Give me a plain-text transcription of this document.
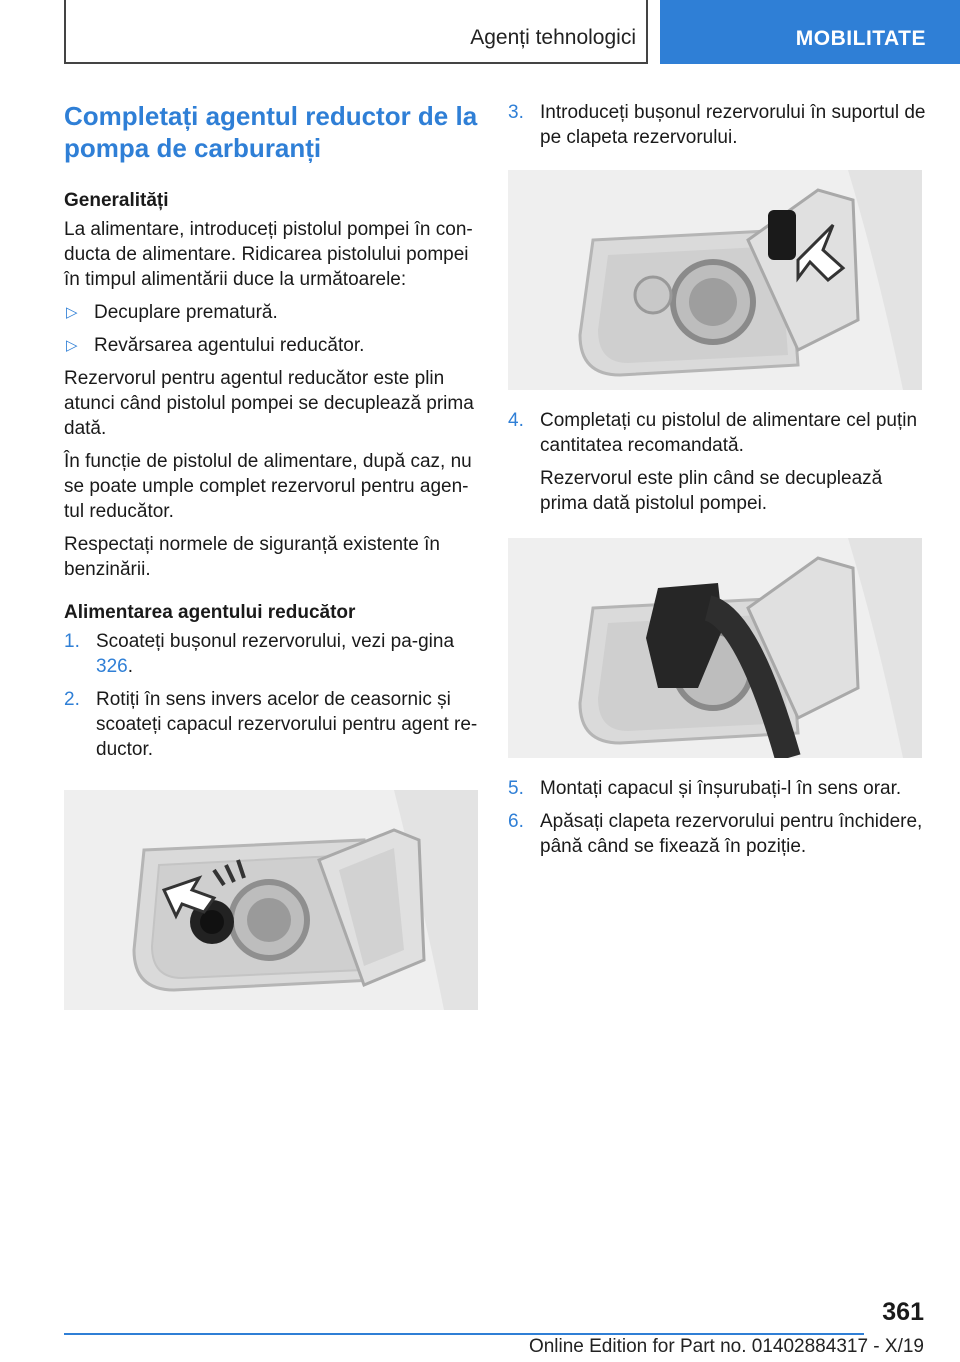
Agenți tehnologici	MOBILITATE
Completați agentul reductor de la pompa de carburanți
Generalități

La alimentare, introduceți pistolul pompei în con-ducta de alimentare. Ridicarea pistolului pompei în timpul alimentării duce la următoarele:

▷ Decuplare prematură.
▷ Revărsarea agentului reducător.

Rezervorul pentru agentul reducător este plin atunci când pistolul pompei se decuplează prima dată.

În funcție de pistolul de alimentare, după caz, nu se poate umple complet rezervorul pentru agen-tul reducător.

Respectați normele de siguranță existente în benzinării.

Alimentarea agentului reducător
1. Scoateți bușonul rezervorului, vezi pa-gina 326.
2. Rotiți în sens invers acelor de ceasornic și scoateți capacul rezervorului pentru agent re-ductor.
3. Introduceți bușonul rezervorului în suportul de pe clapeta rezervorului.
4. Completați cu pistolul de alimentare cel puțin cantitatea recomandată.
Rezervorul este plin când se decuplează prima dată pistolul pompei.
5. Montați capacul și înșurubați-l în sens orar.
6. Apăsați clapeta rezervorului pentru închidere, până când se fixează în poziție.
361
Online Edition for Part no. 01402884317 - X/19
